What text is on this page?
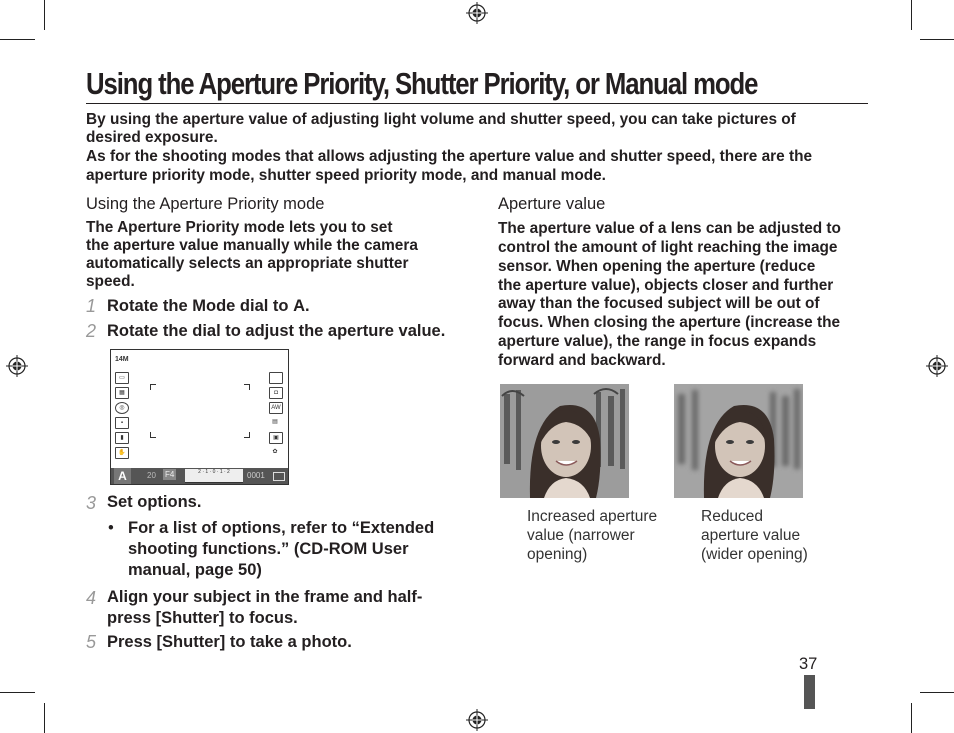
Using the Aperture Priority, Shutter Priority, or Manual mode

By using the aperture value of adjusting light volume and shutter speed, you can take pictures of

desired exposure.

As for the shooting modes that allows adjusting the aperture value and shutter speed, there are the

aperture priority mode, shutter speed priority mode, and manual mode.

Using the Aperture Priority mode

The Aperture Priority mode lets you to set

the aperture value manually while the camera

automatically selects an appropriate shutter

speed.

1 Rotate the Mode dial to A.
2 Rotate the dial to adjust the aperture value.
14M
▭
▦
◎
▪
▮
✋
◘
AW
▤
▣
✿
A	20 F4	2 · 1 · 0 · 1 · 2	0001
3 Set options.
• For a list of options, refer to “Extended
shooting functions.” (CD-ROM User
manual, page 50)
4 Align your subject in the frame and half-
press [Shutter] to focus.
5 Press [Shutter] to take a photo.
Aperture value

The aperture value of a lens can be adjusted to

control the amount of light reaching the image

sensor. When opening the aperture (reduce

the aperture value), objects closer and further

away than the focused subject will be out of

focus. When closing the aperture (increase the

aperture value), the range in focus expands

forward and backward.

Increased aperture
value (narrower
opening)
Reduced
aperture value
(wider opening)
37
